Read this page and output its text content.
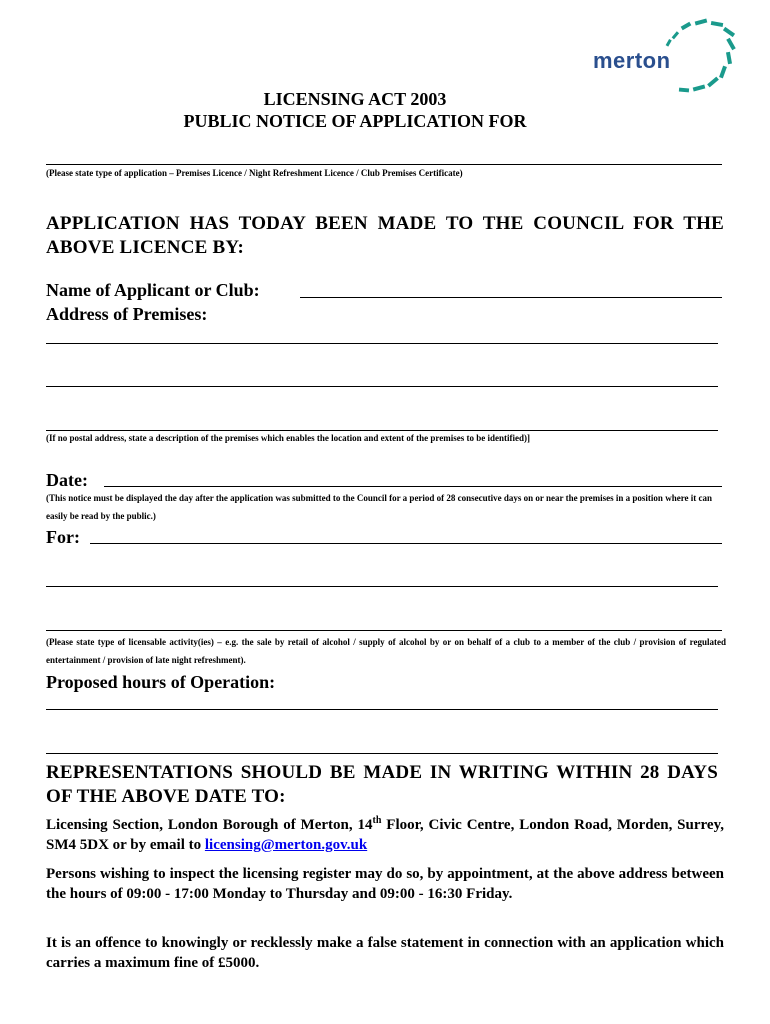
merton
LICENSING ACT 2003
PUBLIC NOTICE OF APPLICATION FOR
(Please state type of application – Premises Licence / Night Refreshment Licence / Club Premises Certificate)
APPLICATION HAS TODAY BEEN MADE TO THE COUNCIL FOR THE ABOVE LICENCE BY:
Name of Applicant or Club:
Address of Premises:
(If no postal address, state a description of the premises which enables the location and extent of the premises to be identified)]
Date:
(This notice must be displayed the day after the application was submitted to the Council for a period of 28 consecutive days on or near the premises in a position where it can easily be read by the public.)
For:
(Please state type of licensable activity(ies) – e.g. the sale by retail of alcohol / supply of alcohol by or on behalf of a club to a member of the club / provision of regulated entertainment / provision of late night refreshment).
Proposed hours of Operation:
REPRESENTATIONS SHOULD BE MADE IN WRITING WITHIN 28 DAYS OF THE ABOVE DATE TO:
Licensing Section, London Borough of Merton, 14th Floor, Civic Centre, London Road, Morden, Surrey, SM4 5DX or by email to licensing@merton.gov.uk
Persons wishing to inspect the licensing register may do so, by appointment, at the above address between the hours of 09:00 - 17:00 Monday to Thursday and 09:00 - 16:30 Friday.
It is an offence to knowingly or recklessly make a false statement in connection with an application which carries a maximum fine of £5000.
